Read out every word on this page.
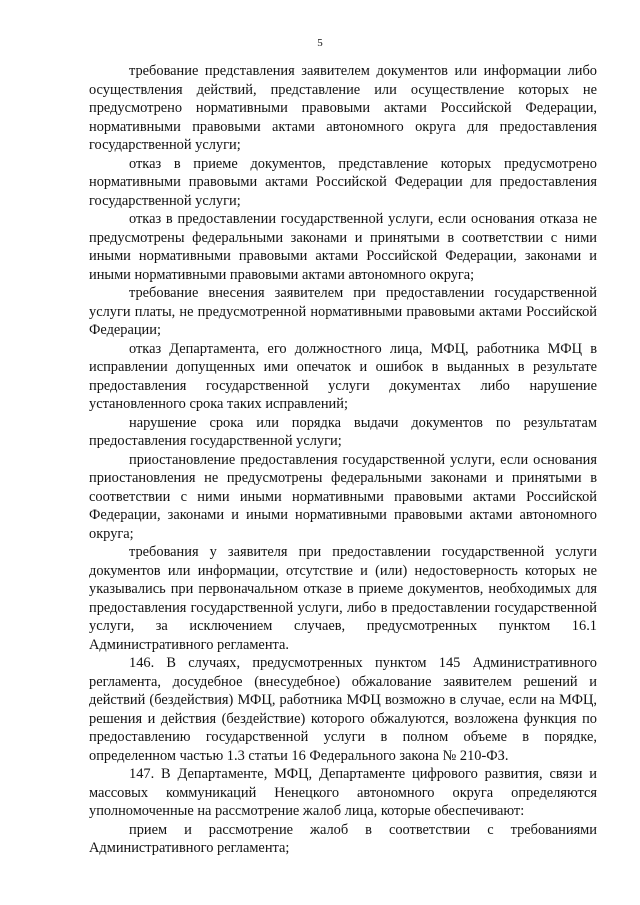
5

требование представления заявителем документов или информации либо осуществления действий, представление или осуществление которых не предусмотрено нормативными правовыми актами Российской Федерации, нормативными правовыми актами автономного округа для предоставления государственной услуги;

отказ в приеме документов, представление которых предусмотрено нормативными правовыми актами Российской Федерации для предоставления государственной услуги;

отказ в предоставлении государственной услуги, если основания отказа не предусмотрены федеральными законами и принятыми в соответствии с ними иными нормативными правовыми актами Российской Федерации, законами и иными нормативными правовыми актами автономного округа;

требование внесения заявителем при предоставлении государственной услуги платы, не предусмотренной нормативными правовыми актами Российской Федерации;

отказ Департамента, его должностного лица, МФЦ, работника МФЦ в исправлении допущенных ими опечаток и ошибок в выданных в результате предоставления государственной услуги документах либо нарушение установленного срока таких исправлений;

нарушение срока или порядка выдачи документов по результатам предоставления государственной услуги;

приостановление предоставления государственной услуги, если основания приостановления не предусмотрены федеральными законами и принятыми в соответствии с ними иными нормативными правовыми актами Российской Федерации, законами и иными нормативными правовыми актами автономного округа;

требования у заявителя при предоставлении государственной услуги документов или информации, отсутствие и (или) недостоверность которых не указывались при первоначальном отказе в приеме документов, необходимых для предоставления государственной услуги, либо в предоставлении государственной услуги, за исключением случаев, предусмотренных пунктом 16.1 Административного регламента.

146. В случаях, предусмотренных пунктом 145 Административного регламента, досудебное (внесудебное) обжалование заявителем решений и действий (бездействия) МФЦ, работника МФЦ возможно в случае, если на МФЦ, решения и действия (бездействие) которого обжалуются, возложена функция по предоставлению государственной услуги в полном объеме в порядке, определенном частью 1.3 статьи 16 Федерального закона № 210-ФЗ.

147. В Департаменте, МФЦ, Департаменте цифрового развития, связи и массовых коммуникаций Ненецкого автономного округа определяются уполномоченные на рассмотрение жалоб лица, которые обеспечивают:

прием и рассмотрение жалоб в соответствии с требованиями Административного регламента;
